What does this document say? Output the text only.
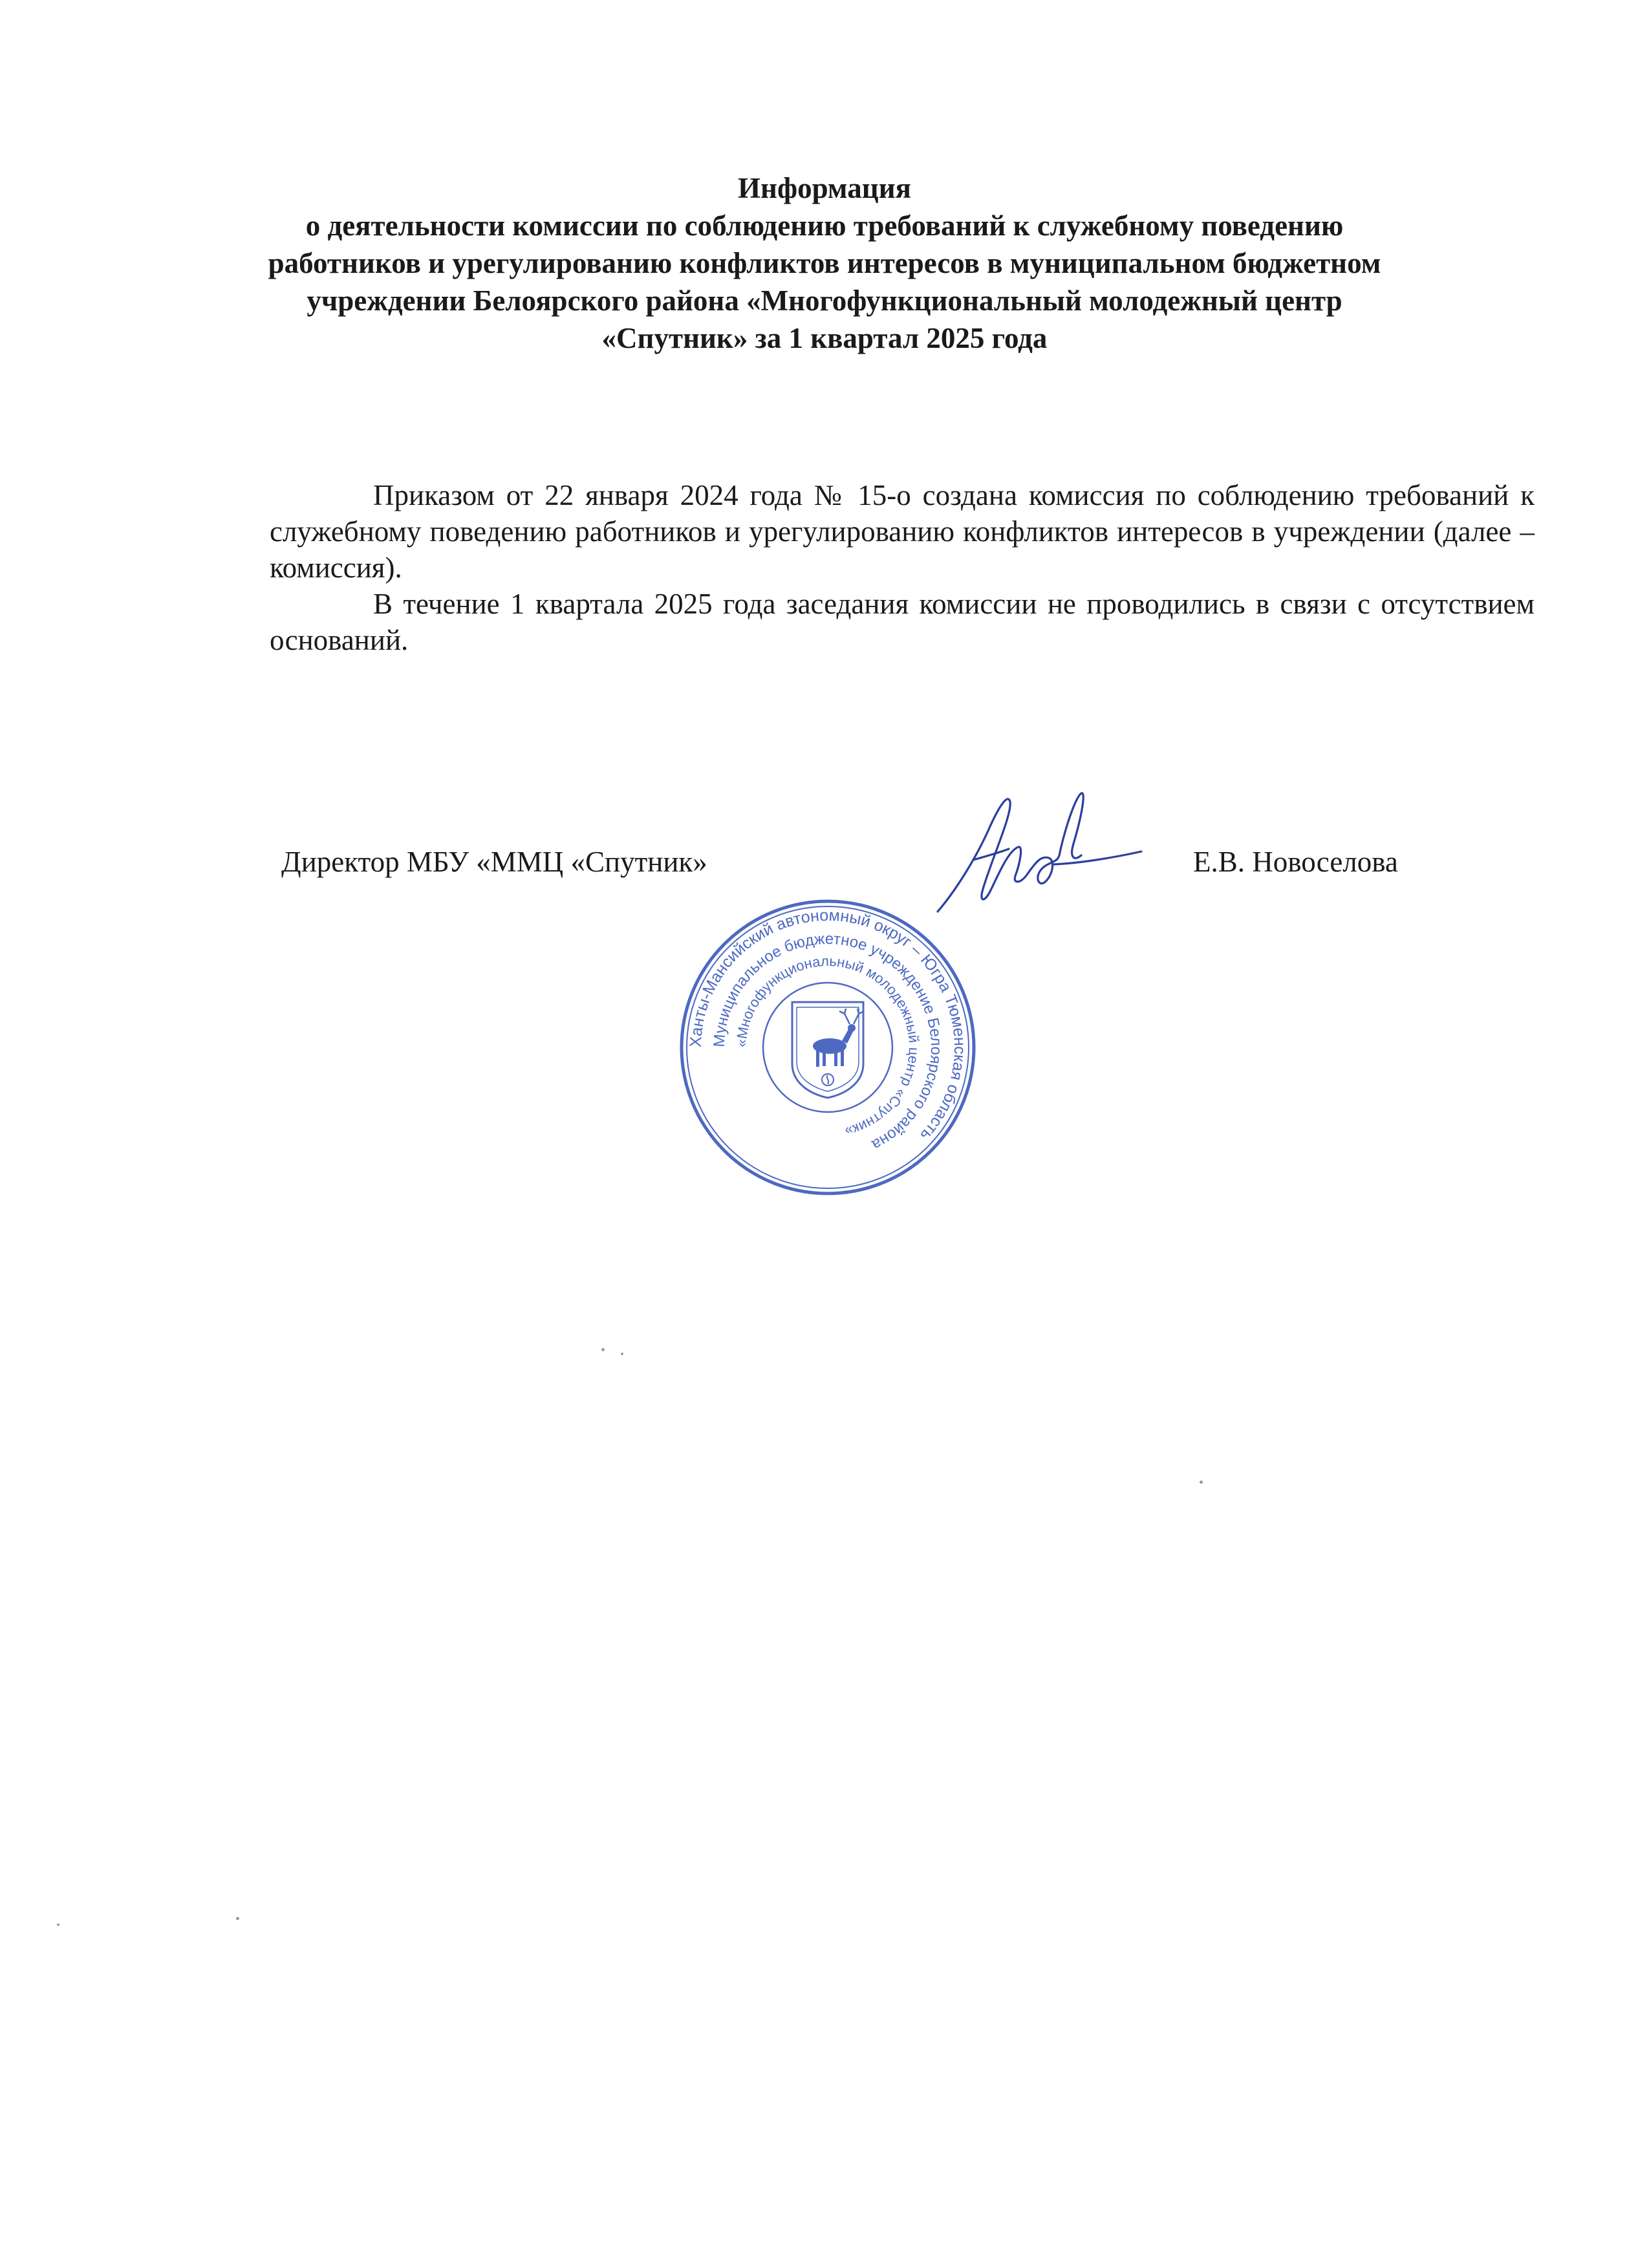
Информация
о деятельности комиссии по соблюдению требований к служебному поведению
работников и урегулированию конфликтов интересов в муниципальном бюджетном
учреждении Белоярского района «Многофункциональный молодежный центр
«Спутник» за 1 квартал 2025 года

Приказом от 22 января 2024 года № 15-о создана комиссия по соблюдению требований к служебному поведению работников и урегулированию конфликтов интересов в учреждении (далее – комиссия).

В течение 1 квартала 2025 года заседания комиссии не проводились в связи с отсутствием оснований.

Директор МБУ «ММЦ «Спутник»	Е.В. Новоселова
Ханты-Мансийский автономный округ – Югра Тюменская область
Муниципальное бюджетное учреждение Белоярского района
«Многофункциональный молодежный центр «Спутник»
